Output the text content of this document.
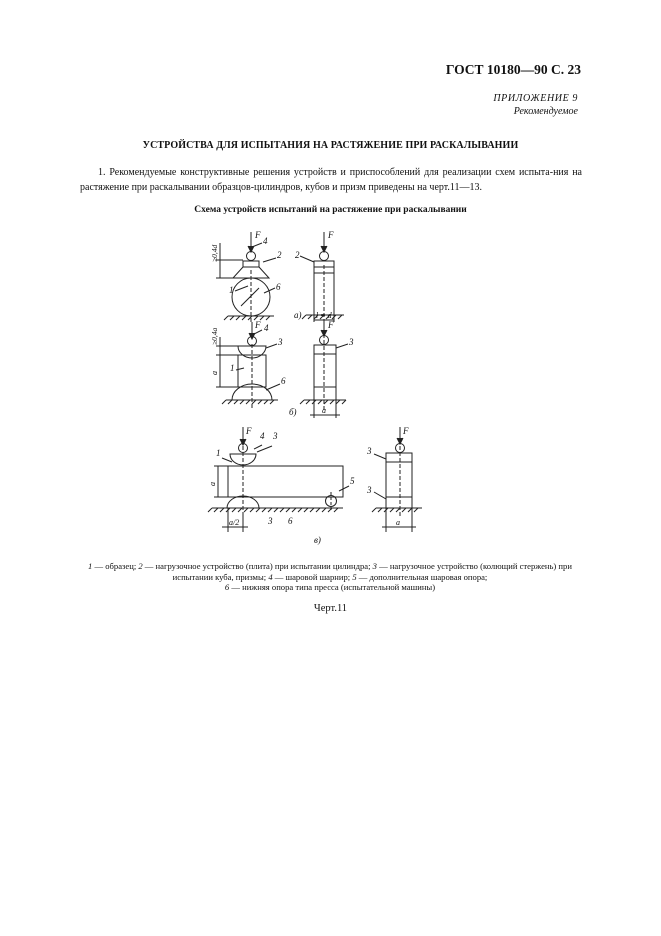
ГОСТ 10180—90 С. 23
ПРИЛОЖЕНИЕ 9
Рекомендуемое
УСТРОЙСТВА ДЛЯ ИСПЫТАНИЯ НА РАСТЯЖЕНИЕ ПРИ РАСКАЛЫВАНИИ
1. Рекомендуемые конструктивные решения устройств и приспособлений для реализации схем испыта-ния на растяжение при раскалывании образцов-цилиндров, кубов и призм приведены на черт.11—13.
Схема устройств испытаний на растяжение при раскалывании
F	F
F	F
F	F
4
2
1	6
2
4
3
1
6
3
4 3
1
5
3 6
3
3
а)
б)
в)
l = d
a
a
a/2
≥0,4d
≥0,4a
a
a
1 — образец; 2 — нагрузочное устройство (плита) при испытании цилиндра; 3 — нагрузочное устройство (колющий стержень) при испытании куба, призмы; 4 — шаровой шарнир; 5 — дополнительная шаровая опора;
6 — нижняя опора типа пресса (испытательной машины)
Черт.11
